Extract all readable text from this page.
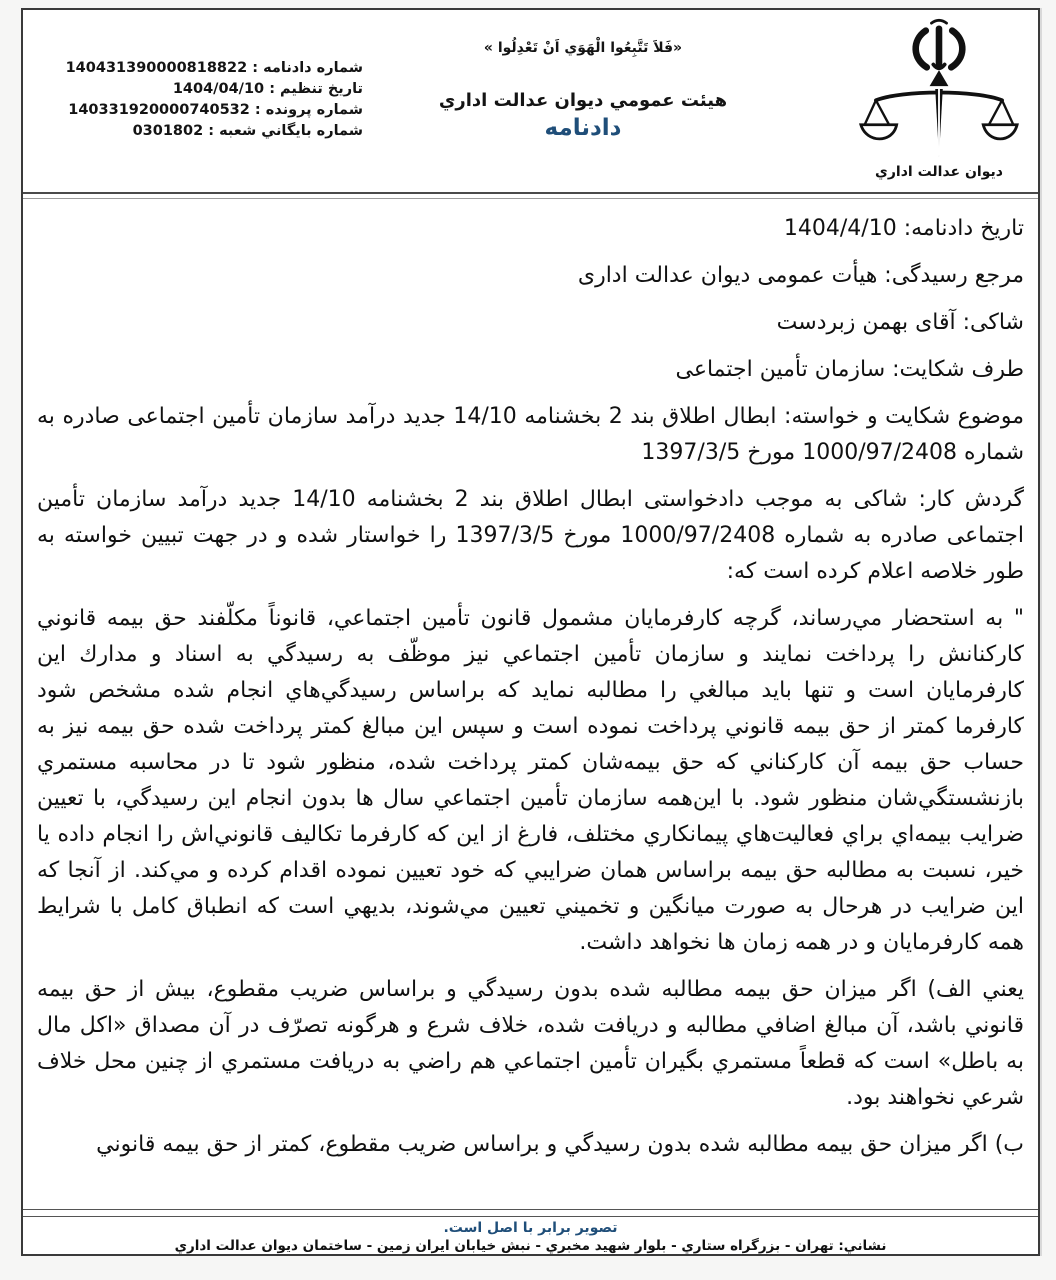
شماره دادنامه : 140431390000818822
تاريخ تنظيم : 1404/04/10
شماره پرونده : 140331920000740532
شماره بايگاني شعبه : 0301802
«فَلاَ تَتَّبِعُوا الْهَوَي اَنْ تَعْدِلُوا »
هيئت عمومي ديوان عدالت اداري
دادنامه
ديوان عدالت اداري

تاریخ دادنامه: 1404/4/10

مرجع رسیدگی: هیأت عمومی دیوان عدالت اداری

شاکی: آقای بهمن زبردست

طرف شکایت: سازمان تأمین اجتماعی

موضوع شکایت و خواسته: ابطال اطلاق بند 2 بخشنامه 14/10 جدید درآمد سازمان تأمین اجتماعی صادره به شماره 1000/97/2408 مورخ 1397/3/5

گردش کار: شاکی به موجب دادخواستی ابطال اطلاق بند 2 بخشنامه 14/10 جدید درآمد سازمان تأمین اجتماعی صادره به شماره 1000/97/2408 مورخ 1397/3/5 را خواستار شده و در جهت تبیین خواسته به طور خلاصه اعلام کرده است که:

" به استحضار مي‌رساند، گرچه کارفرمايان مشمول قانون تأمين اجتماعي، قانوناً مکلّفند حق بيمه قانوني کارکنانش را پرداخت نمايند و سازمان تأمين اجتماعي نيز موظّف به رسيدگي به اسناد و مدارك اين کارفرمايان است و تنها بايد مبالغي را مطالبه نمايد که براساس رسيدگي‌هاي انجام شده مشخص شود کارفرما کمتر از حق بيمه قانوني پرداخت نموده است و سپس اين مبالغ کمتر پرداخت شده حق بيمه نيز به حساب حق بيمه آن کارکناني که حق بيمه‌شان کمتر پرداخت شده، منظور شود تا در محاسبه مستمري بازنشستگي‌شان منظور شود. با اين‌همه سازمان تأمين اجتماعي سال ها بدون انجام اين رسيدگي، با تعيين ضرايب بيمه‌اي براي فعاليت‌هاي پيمانکاري مختلف، فارغ از اين که کارفرما تکاليف قانوني‌اش را انجام داده يا خير، نسبت به مطالبه حق بيمه براساس همان ضرايبي که خود تعيين نموده اقدام کرده و مي‌کند. از آنجا که اين ضرايب در هرحال به صورت ميانگين و تخميني تعيين مي‌شوند، بديهي است که انطباق کامل با شرايط همه کارفرمايان و در همه زمان ها نخواهد داشت.

يعني الف) اگر ميزان حق بيمه مطالبه شده بدون رسيدگي و براساس ضريب مقطوع، بيش از حق بيمه قانوني باشد، آن مبالغ اضافي مطالبه و دريافت شده، خلاف شرع و هرگونه تصرّف در آن مصداق «اکل مال به باطل» است که قطعاً مستمري بگيران تأمين اجتماعي هم راضي به دريافت مستمري از چنين محل خلاف شرعي نخواهند بود.

ب) اگر ميزان حق بيمه مطالبه شده بدون رسيدگي و براساس ضريب مقطوع، کمتر از حق بيمه قانوني

تصویر برابر با اصل است.
نشاني: تهران - بزرگراه ستاري - بلوار شهيد مخبري - نبش خيابان ايران زمين - ساختمان ديوان عدالت اداري
